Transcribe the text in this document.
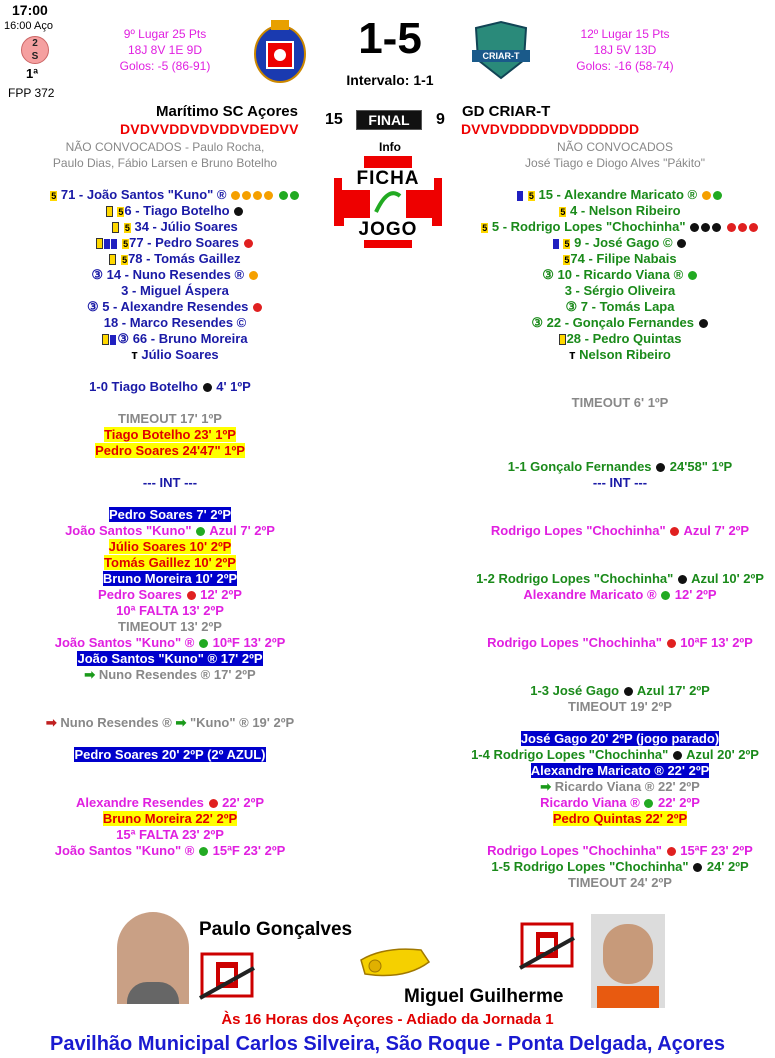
17:00
16:00 Aço
2
S
1ª
FPP 372
9º Lugar 25 Pts
18J 8V 1E 9D
Golos: -5 (86-91)
1-5
Intervalo: 1-1
CRIAR-T
12º Lugar 15 Pts
18J 5V 13D
Golos: -16 (58-74)
Marítimo SC Açores
DVDVVDDVDVDDVDEDVV
15	FINAL	9 GD CRIAR-T
DVVDVDDDDVDVDDDDDD
NÃO CONVOCADOS - Paulo Rocha,
Paulo Dias, Fábio Larsen e Bruno Botelho
NÃO CONVOCADOS
José Tiago e Diogo Alves "Pákito"
Info
FICHA
JOGO
5 71 - João Santos "Kuno" ®
56 - Tiago Botelho
5 34 - Júlio Soares
577 - Pedro Soares
578 - Tomás Gaillez
③ 14 - Nuno Resendes ®
3 - Miguel Áspera
③ 5 - Alexandre Resendes
18 - Marco Resendes ©
③ 66 - Bruno Moreira
ᴛ Júlio Soares
5 15 - Alexandre Maricato ®
5 4 - Nelson Ribeiro
5 5 - Rodrigo Lopes "Chochinha"
5 9 - José Gago ©
574 - Filipe Nabais
③ 10 - Ricardo Viana ®
3 - Sérgio Oliveira
③ 7 - Tomás Lapa
③ 22 - Gonçalo Fernandes
28 - Pedro Quintas
ᴛ Nelson Ribeiro
1-0 Tiago Botelho 4' 1ºP
TIMEOUT 17' 1ºP
Tiago Botelho 23' 1ºP
Pedro Soares 24'47" 1ºP
--- INT ---
Pedro Soares 7' 2ºP
João Santos "Kuno" Azul 7' 2ºP
Júlio Soares 10' 2ºP
Tomás Gaillez 10' 2ºP
Bruno Moreira 10' 2ºP
Pedro Soares 12' 2ºP
10ª FALTA 13' 2ºP
TIMEOUT 13' 2ºP
João Santos "Kuno" ® 10ªF 13' 2ºP
João Santos "Kuno" ® 17' 2ºP
➡ Nuno Resendes ® 17' 2ºP
➡ Nuno Resendes ® ➡ "Kuno" ® 19' 2ºP
Pedro Soares 20' 2ºP (2º AZUL)
Alexandre Resendes 22' 2ºP
Bruno Moreira 22' 2ºP
15ª FALTA 23' 2ºP
João Santos "Kuno" ® 15ªF 23' 2ºP
TIMEOUT 6' 1ºP
1-1 Gonçalo Fernandes 24'58" 1ºP
--- INT ---
Rodrigo Lopes "Chochinha" Azul 7' 2ºP
1-2 Rodrigo Lopes "Chochinha" Azul 10' 2ºP
Alexandre Maricato ® 12' 2ºP
Rodrigo Lopes "Chochinha" 10ªF 13' 2ºP
1-3 José Gago Azul 17' 2ºP
TIMEOUT 19' 2ºP
José Gago 20' 2ºP (jogo parado)
1-4 Rodrigo Lopes "Chochinha" Azul 20' 2ºP
Alexandre Maricato ® 22' 2ºP
➡ Ricardo Viana ® 22' 2ºP
Ricardo Viana ® 22' 2ºP
Pedro Quintas 22' 2ºP
Rodrigo Lopes "Chochinha" 15ªF 23' 2ºP
1-5 Rodrigo Lopes "Chochinha" 24' 2ºP
TIMEOUT 24' 2ºP
Paulo Gonçalves
Miguel Guilherme
Às 16 Horas dos Açores - Adiado da Jornada 1
Pavilhão Municipal Carlos Silveira, São Roque - Ponta Delgada, Açores
